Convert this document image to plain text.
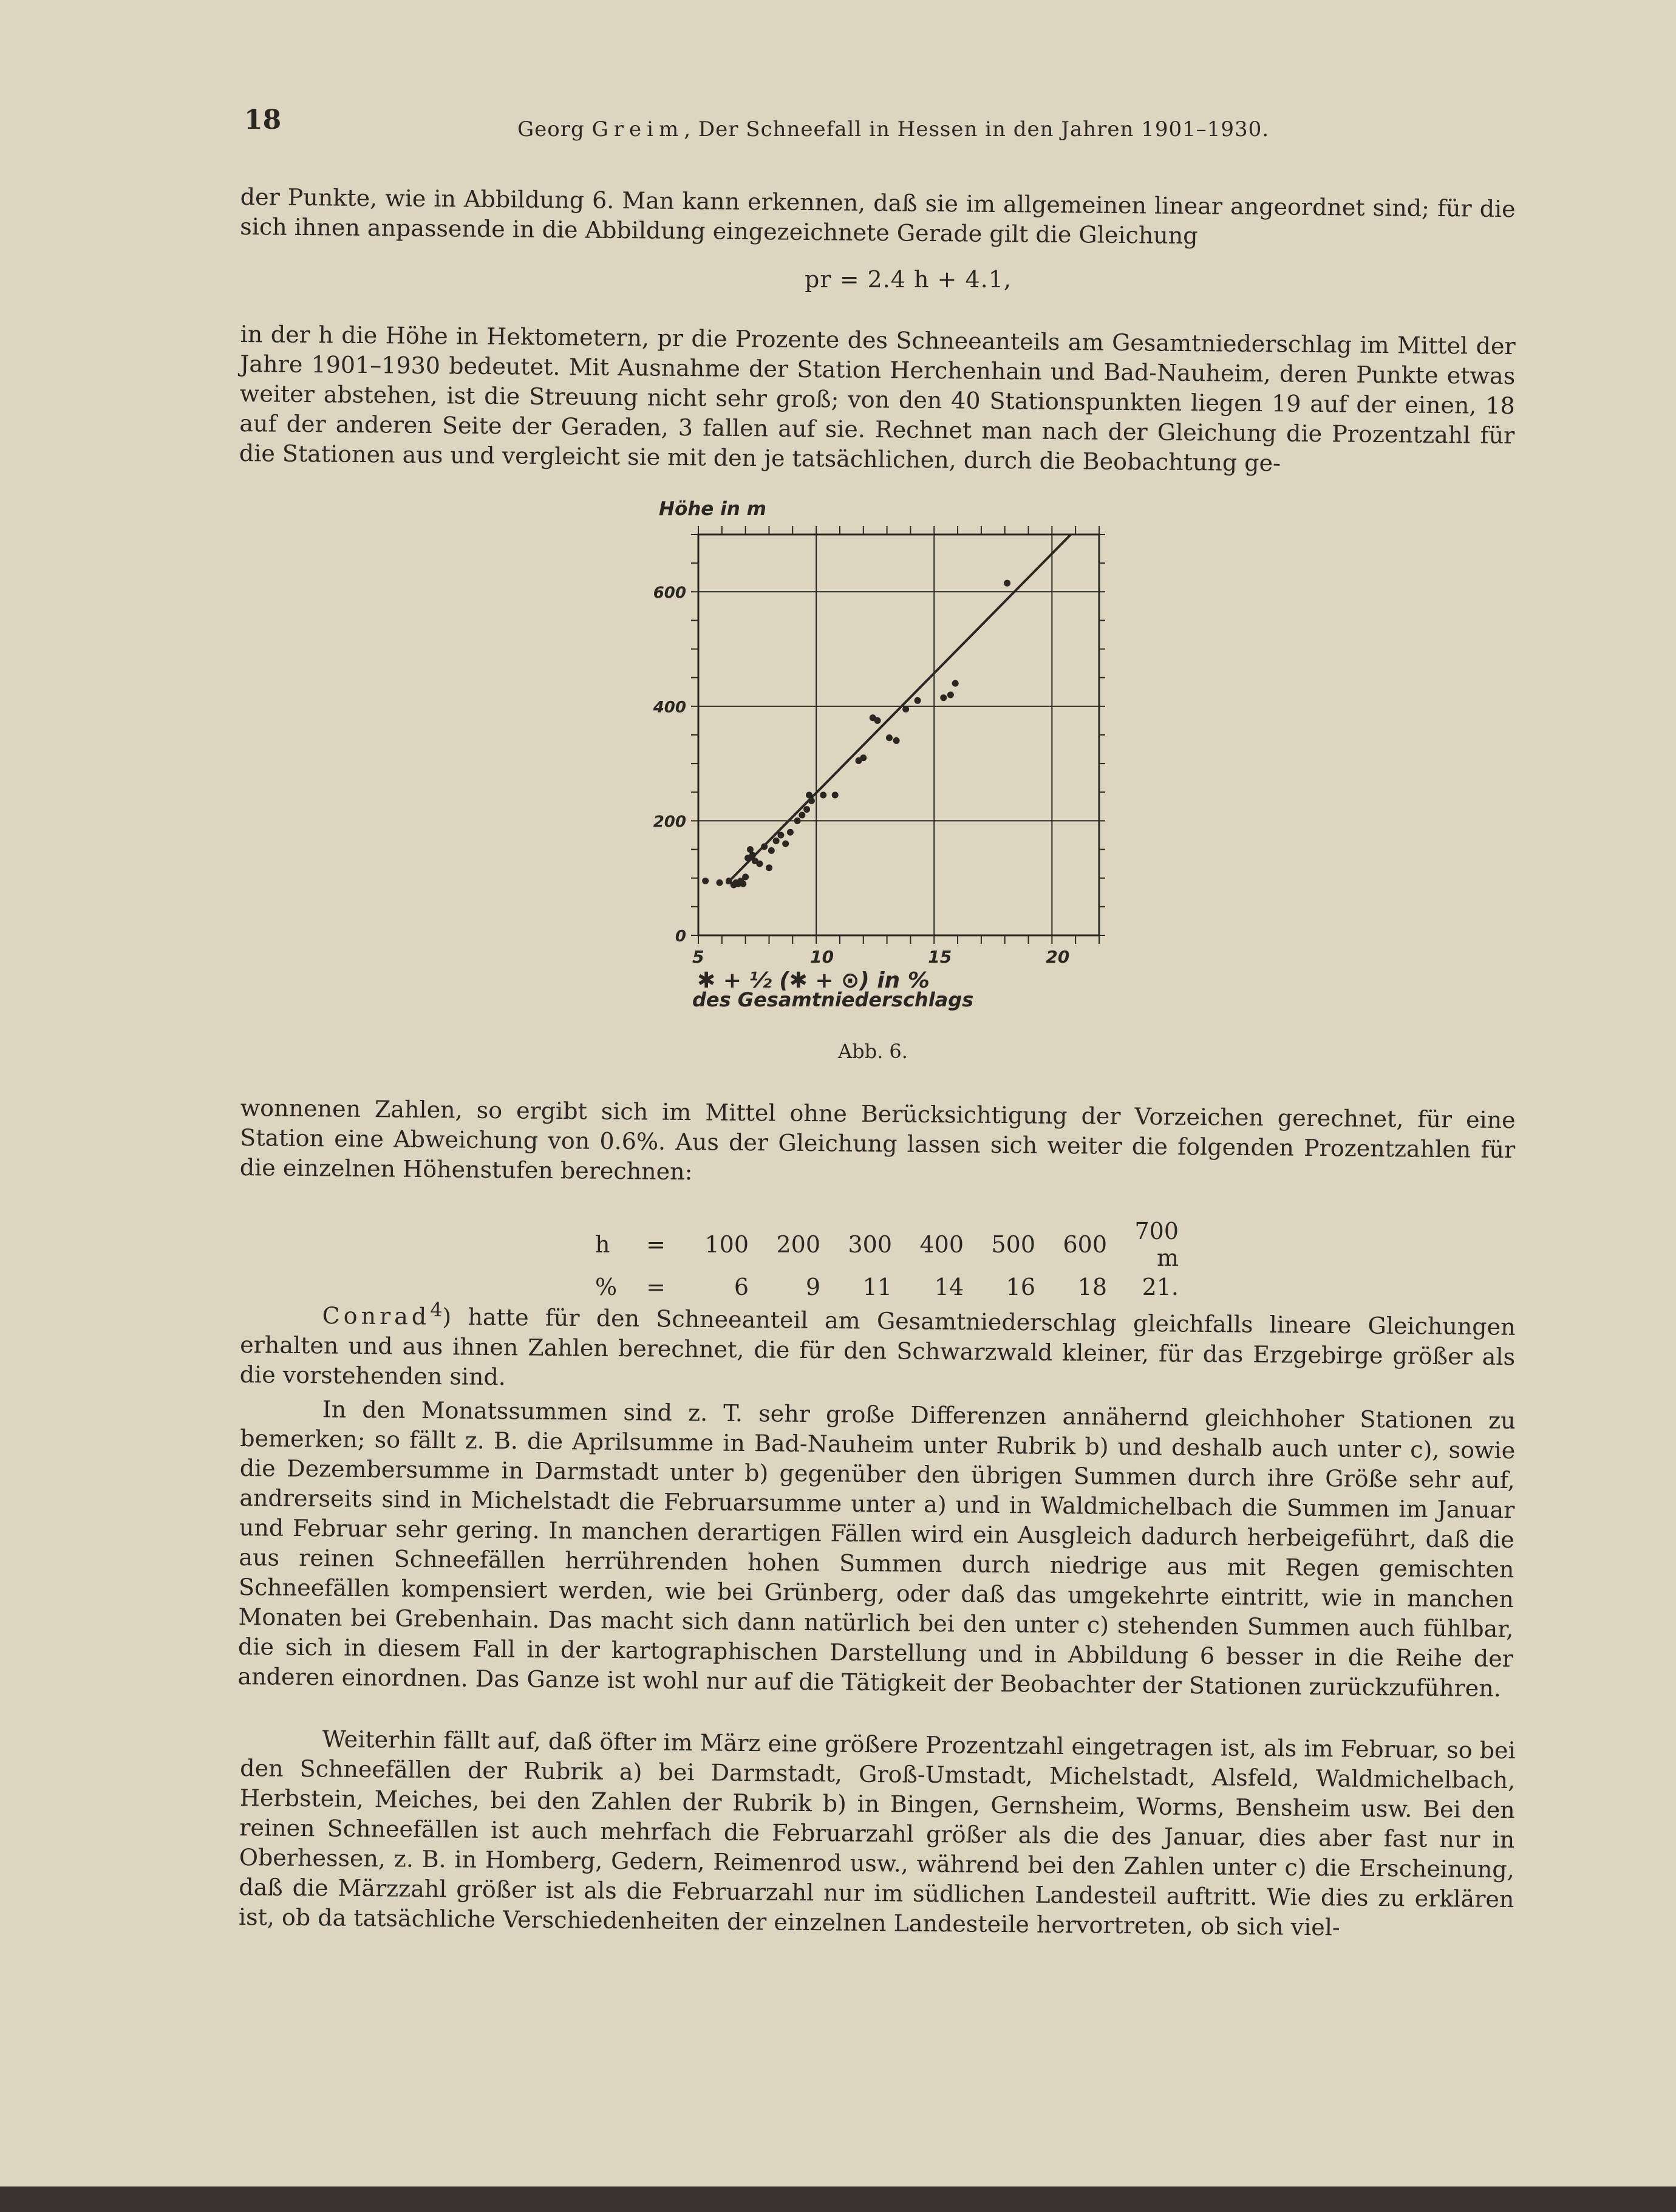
18	Georg Greim, Der Schneefall in Hessen in den Jahren 1901–1930.
der Punkte, wie in Abbildung 6. Man kann erkennen, daß sie im allgemeinen linear angeordnet sind; für die sich ihnen anpassende in die Abbildung eingezeichnete Gerade gilt die Gleichung
pr = 2.4 h + 4.1,
in der h die Höhe in Hektometern, pr die Prozente des Schneeanteils am Gesamtniederschlag im Mittel der Jahre 1901–1930 bedeutet. Mit Ausnahme der Station Herchenhain und Bad-Nauheim, deren Punkte etwas weiter abstehen, ist die Streuung nicht sehr groß; von den 40 Stationspunkten liegen 19 auf der einen, 18 auf der anderen Seite der Geraden, 3 fallen auf sie. Rechnet man nach der Gleichung die Prozentzahl für die Stationen aus und vergleicht sie mit den je tatsächlichen, durch die Beobachtung ge-
5	10	15	20
0
200
400
600
Höhe in m
✱ + ½ (✱ + ⊙) in %
des Gesamtniederschlags
Abb. 6.
wonnenen Zahlen, so ergibt sich im Mittel ohne Berücksichtigung der Vorzeichen gerechnet, für eine Station eine Abweichung von 0.6%. Aus der Gleichung lassen sich weiter die folgenden Prozentzahlen für die einzelnen Höhenstufen berechnen:
h	=	100	200	300	400	500	600	700 m
%	=	6	9	11	14	16	18	21.
Conrad$^4$) hatte für den Schneeanteil am Gesamtniederschlag gleichfalls lineare Gleichungen erhalten und aus ihnen Zahlen berechnet, die für den Schwarzwald kleiner, für das Erzgebirge größer als die vorstehenden sind.
In den Monatssummen sind z. T. sehr große Differenzen annähernd gleichhoher Stationen zu bemerken; so fällt z. B. die Aprilsumme in Bad-Nauheim unter Rubrik b) und deshalb auch unter c), sowie die Dezembersumme in Darmstadt unter b) gegenüber den übrigen Summen durch ihre Größe sehr auf, andrerseits sind in Michelstadt die Februarsumme unter a) und in Waldmichelbach die Summen im Januar und Februar sehr gering. In manchen derartigen Fällen wird ein Ausgleich dadurch herbeigeführt, daß die aus reinen Schneefällen herrührenden hohen Summen durch niedrige aus mit Regen gemischten Schneefällen kompensiert werden, wie bei Grünberg, oder daß das umgekehrte eintritt, wie in manchen Monaten bei Grebenhain. Das macht sich dann natürlich bei den unter c) stehenden Summen auch fühlbar, die sich in diesem Fall in der kartographischen Darstellung und in Abbildung 6 besser in die Reihe der anderen einordnen. Das Ganze ist wohl nur auf die Tätigkeit der Beobachter der Stationen zurückzuführen.
Weiterhin fällt auf, daß öfter im März eine größere Prozentzahl eingetragen ist, als im Februar, so bei den Schneefällen der Rubrik a) bei Darmstadt, Groß-Umstadt, Michelstadt, Alsfeld, Waldmichelbach, Herbstein, Meiches, bei den Zahlen der Rubrik b) in Bingen, Gernsheim, Worms, Bensheim usw. Bei den reinen Schneefällen ist auch mehrfach die Februarzahl größer als die des Januar, dies aber fast nur in Oberhessen, z. B. in Homberg, Gedern, Reimenrod usw., während bei den Zahlen unter c) die Erscheinung, daß die Märzzahl größer ist als die Februarzahl nur im südlichen Landesteil auftritt. Wie dies zu erklären ist, ob da tatsächliche Verschiedenheiten der einzelnen Landesteile hervortreten, ob sich viel-
